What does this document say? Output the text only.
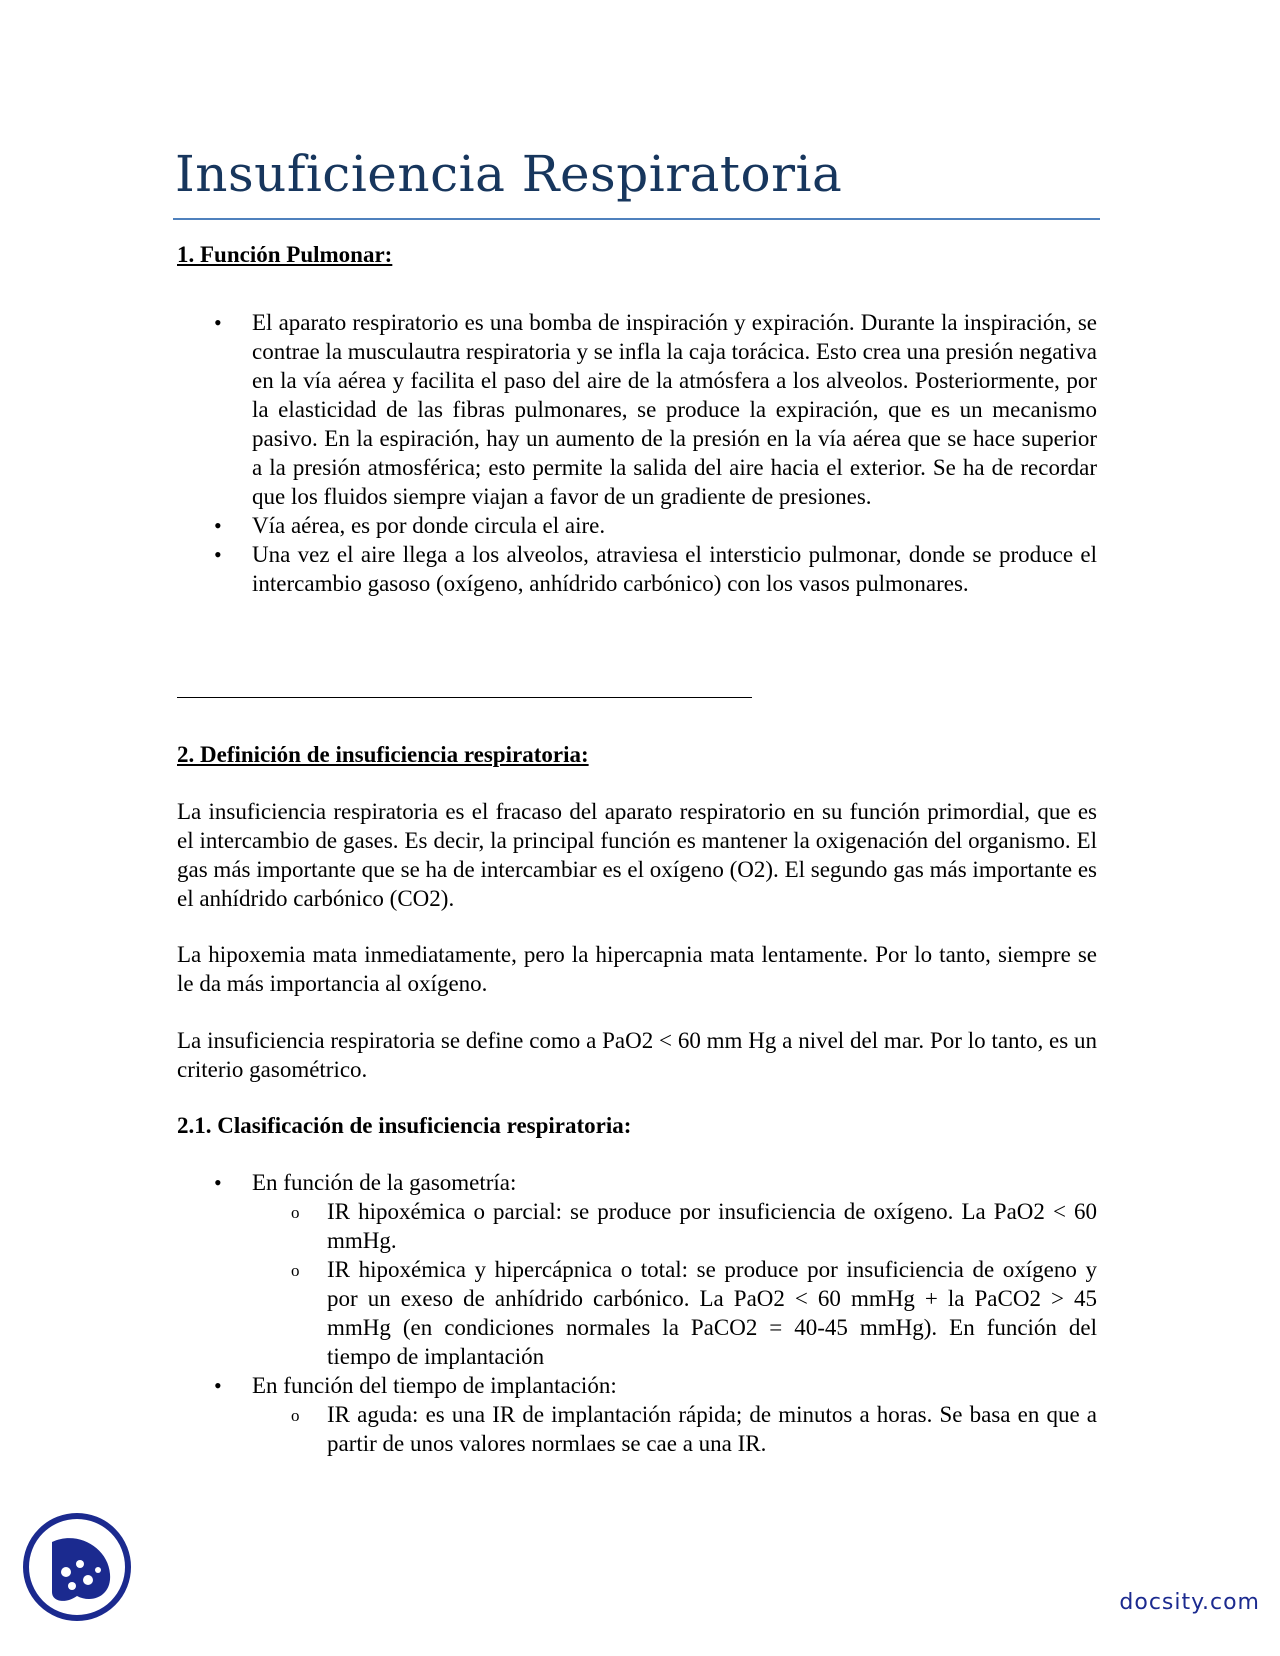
Insuficiencia Respiratoria
1. Función Pulmonar:
• El aparato respiratorio es una bomba de inspiración y expiración. Durante la inspiración, se contrae la musculautra respiratoria y se infla la caja torácica. Esto crea una presión negativa en la vía aérea y facilita el paso del aire de la atmósfera a los alveolos. Posteriormente, por la elasticidad de las fibras pulmonares, se produce la expiración, que es un mecanismo pasivo. En la espiración, hay un aumento de la presión en la vía aérea que se hace superior a la presión atmosférica; esto permite la salida del aire hacia el exterior. Se ha de recordar que los fluidos siempre viajan a favor de un gradiente de presiones.
• Vía aérea, es por donde circula el aire.
• Una vez el aire llega a los alveolos, atraviesa el intersticio pulmonar, donde se produce el intercambio gasoso (oxígeno, anhídrido carbónico) con los vasos pulmonares.
2. Definición de insuficiencia respiratoria:

La insuficiencia respiratoria es el fracaso del aparato respiratorio en su función primordial, que es el intercambio de gases. Es decir, la principal función es mantener la oxigenación del organismo. El gas más importante que se ha de intercambiar es el oxígeno (O2). El segundo gas más importante es el anhídrido carbónico (CO2).

La hipoxemia mata inmediatamente, pero la hipercapnia mata lentamente. Por lo tanto, siempre se le da más importancia al oxígeno.

La insuficiencia respiratoria se define como a PaO2 < 60 mm Hg a nivel del mar. Por lo tanto, es un criterio gasométrico.

2.1. Clasificación de insuficiencia respiratoria:
• En función de la gasometría:
o IR hipoxémica o parcial: se produce por insuficiencia de oxígeno. La PaO2 < 60 mmHg.
o IR hipoxémica y hipercápnica o total: se produce por insuficiencia de oxígeno y por un exeso de anhídrido carbónico. La PaO2 < 60 mmHg + la PaCO2 > 45 mmHg (en condiciones normales la PaCO2 = 40-45 mmHg). En función del tiempo de implantación
• En función del tiempo de implantación:
o IR aguda: es una IR de implantación rápida; de minutos a horas. Se basa en que a partir de unos valores normlaes se cae a una IR.

docsity.com
